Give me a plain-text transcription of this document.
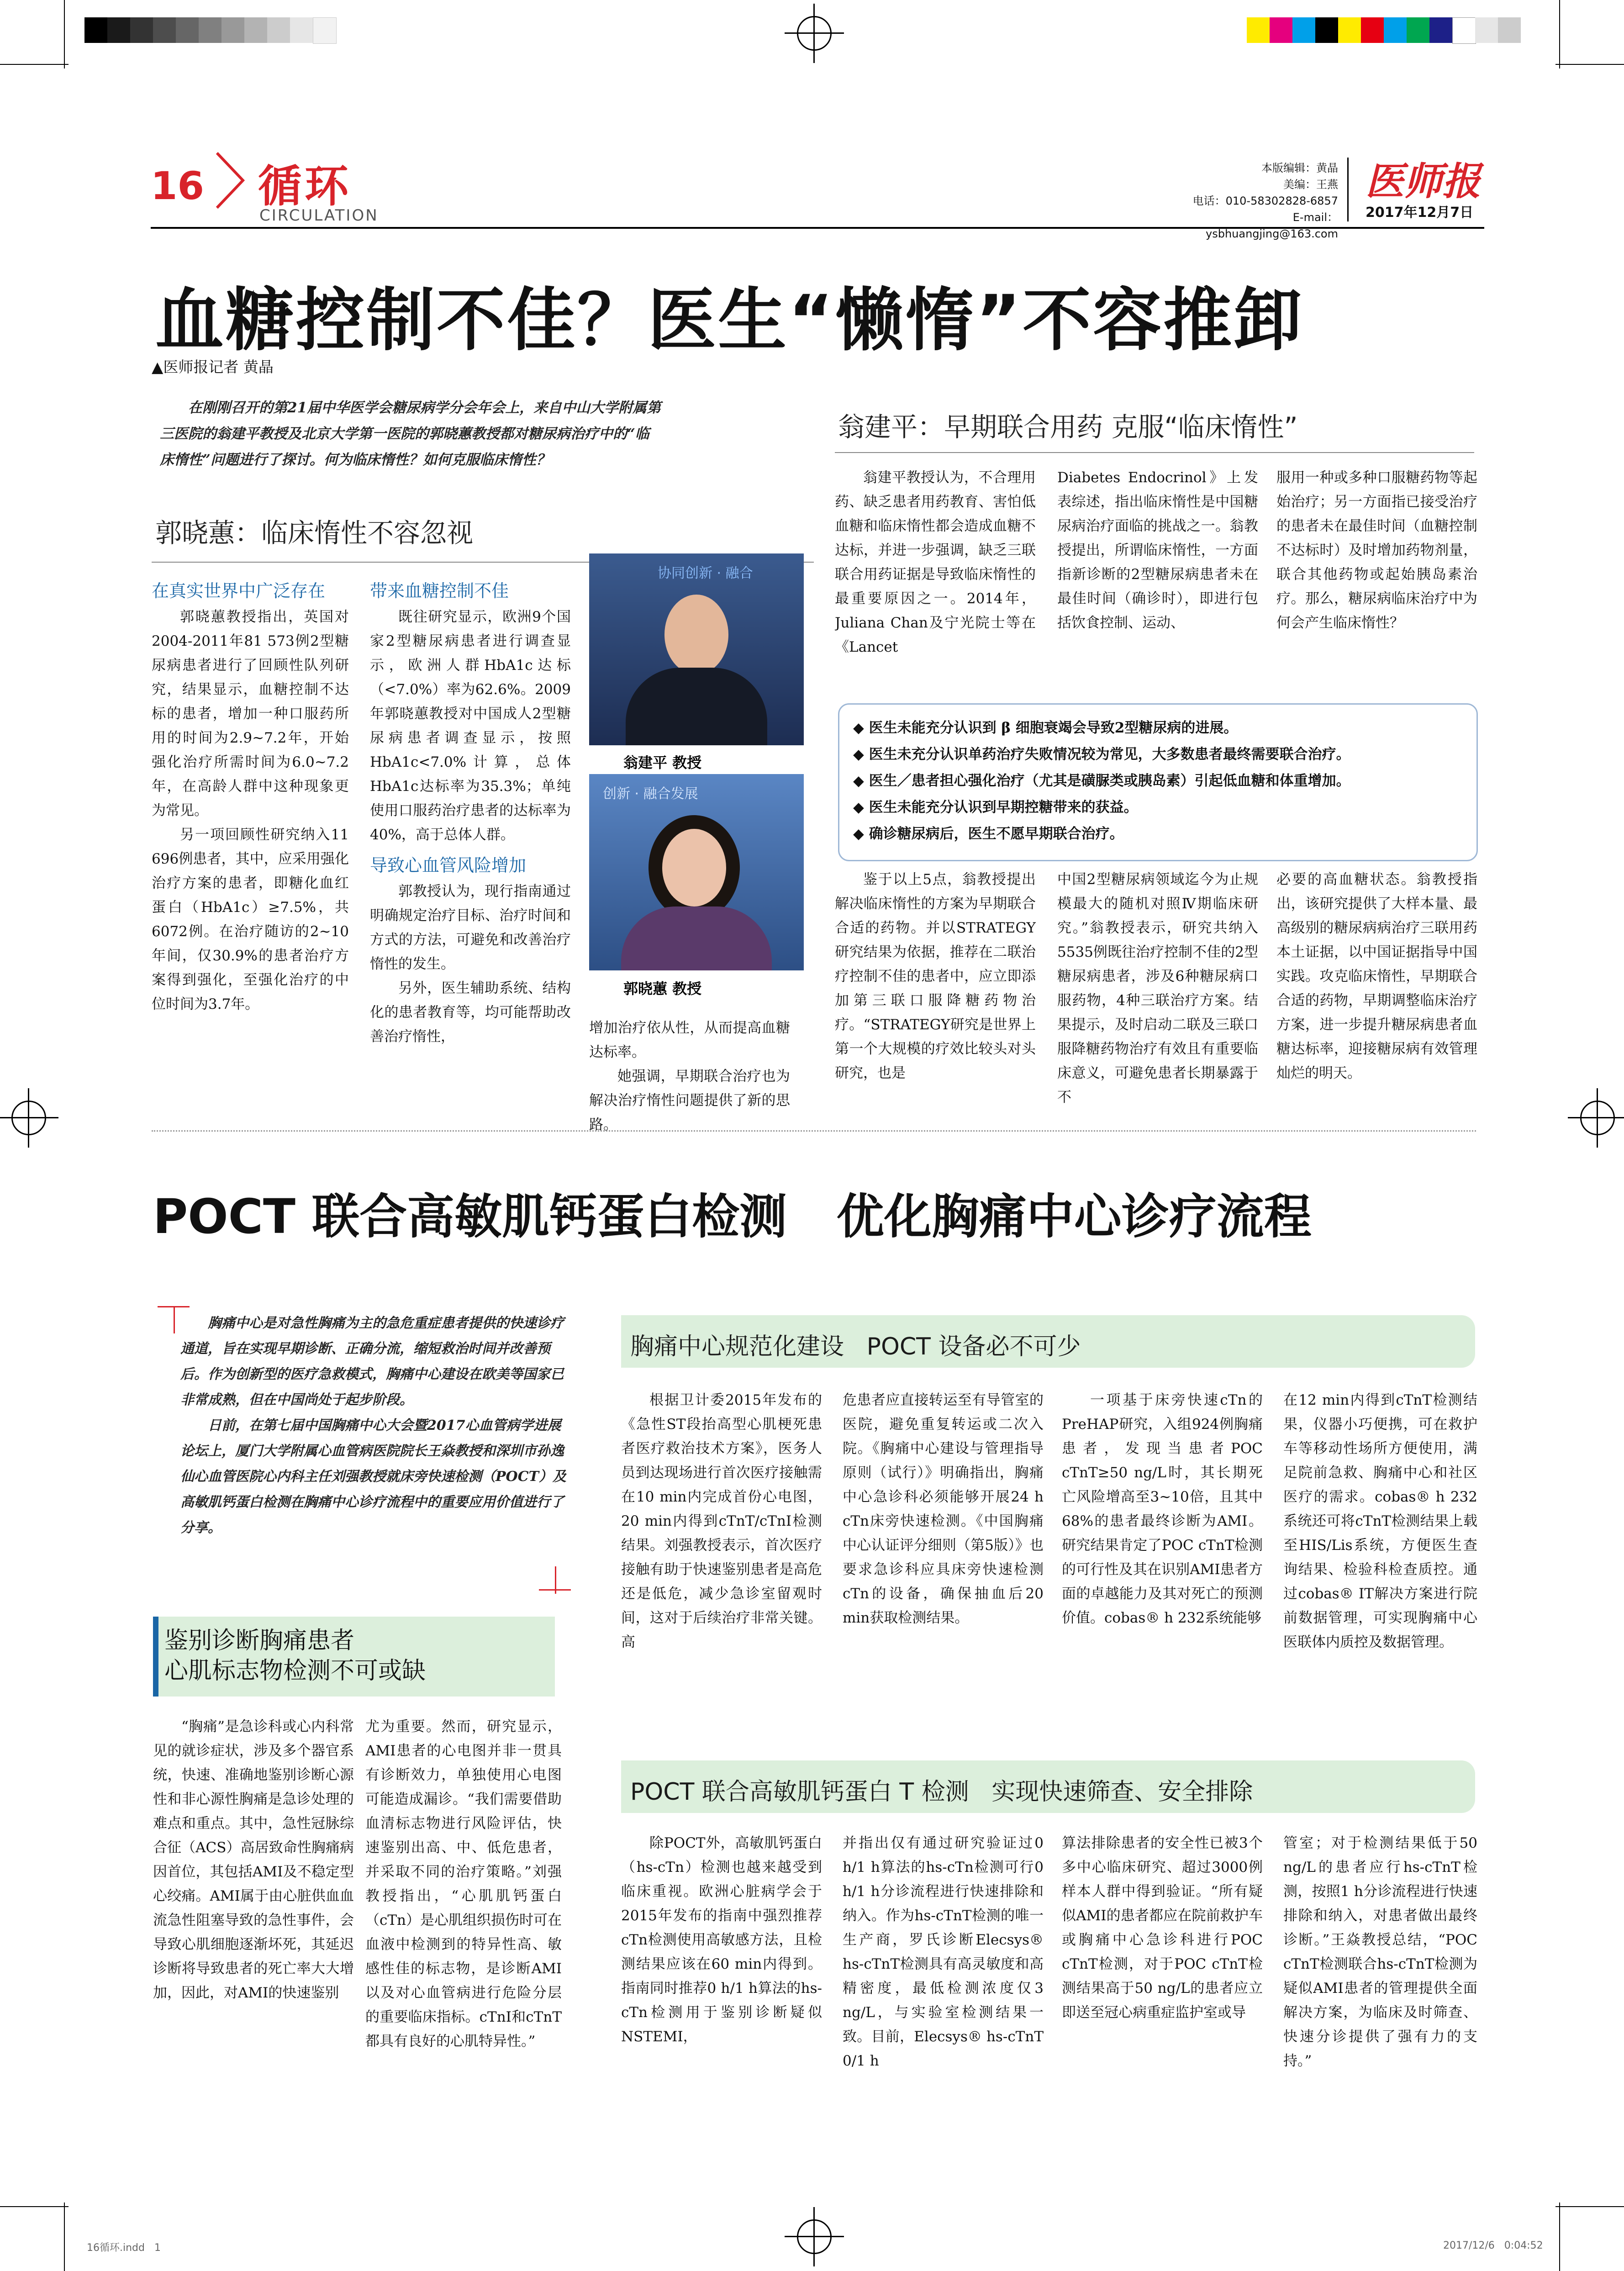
16 循环
CIRCULATION
本版编辑：黄晶
美编：王燕
电话：010-58302828-6857
E-mail：ysbhuangjing@163.com
医师报
2017年12月7日
血糖控制不佳？医生“懒惰”不容推卸
▲医师报记者 黄晶

在刚刚召开的第21届中华医学会糖尿病学分会年会上，来自中山大学附属第

三医院的翁建平教授及北京大学第一医院的郭晓蕙教授都对糖尿病治疗中的“临

床惰性”问题进行了探讨。何为临床惰性？如何克服临床惰性？

郭晓蕙：临床惰性不容忽视
在真实世界中广泛存在

郭晓蕙教授指出，英国对2004-2011年81 573例2型糖尿病患者进行了回顾性队列研究，结果显示，血糖控制不达标的患者，增加一种口服药所用的时间为2.9~7.2年，开始强化治疗所需时间为6.0~7.2年，在高龄人群中这种现象更为常见。

另一项回顾性研究纳入11 696例患者，其中，应采用强化治疗方案的患者，即糖化血红蛋白（HbA1c）≥7.5%，共6072例。在治疗随访的2~10年间，仅30.9%的患者治疗方案得到强化，至强化治疗的中位时间为3.7年。

带来血糖控制不佳

既往研究显示，欧洲9个国家2型糖尿病患者进行调查显示，欧洲人群HbA1c达标（<7.0%）率为62.6%。2009年郭晓蕙教授对中国成人2型糖尿病患者调查显示，按照HbA1c<7.0%计算，总体HbA1c达标率为35.3%；单纯使用口服药治疗患者的达标率为40%，高于总体人群。

导致心血管风险增加

郭教授认为，现行指南通过明确规定治疗目标、治疗时间和方式的方法，可避免和改善治疗惰性的发生。

另外，医生辅助系统、结构化的患者教育等，均可能帮助改善治疗惰性，

协同创新 · 融合
翁建平 教授
创新 · 融合发展
郭晓蕙 教授

增加治疗依从性，从而提高血糖达标率。

她强调，早期联合治疗也为解决治疗惰性问题提供了新的思路。

翁建平：早期联合用药 克服“临床惰性”

翁建平教授认为，不合理用药、缺乏患者用药教育、害怕低血糖和临床惰性都会造成血糖不达标，并进一步强调，缺乏三联联合用药证据是导致临床惰性的最重要原因之一。2014年，Juliana Chan及宁光院士等在《Lancet

Diabetes Endocrinol》上发表综述，指出临床惰性是中国糖尿病治疗面临的挑战之一。翁教授提出，所谓临床惰性，一方面指新诊断的2型糖尿病患者未在最佳时间（确诊时），即进行包括饮食控制、运动、

服用一种或多种口服糖药物等起始治疗；另一方面指已接受治疗的患者未在最佳时间（血糖控制不达标时）及时增加药物剂量，联合其他药物或起始胰岛素治疗。那么，糖尿病临床治疗中为何会产生临床惰性？

◆ 医生未能充分认识到 β 细胞衰竭会导致2型糖尿病的进展。
◆ 医生未充分认识单药治疗失败情况较为常见，大多数患者最终需要联合治疗。
◆ 医生／患者担心强化治疗（尤其是磺脲类或胰岛素）引起低血糖和体重增加。
◆ 医生未能充分认识到早期控糖带来的获益。
◆ 确诊糖尿病后，医生不愿早期联合治疗。

鉴于以上5点，翁教授提出解决临床惰性的方案为早期联合合适的药物。并以STRATEGY研究结果为依据，推荐在二联治疗控制不佳的患者中，应立即添加第三联口服降糖药物治疗。“STRATEGY研究是世界上第一个大规模的疗效比较头对头研究，也是

中国2型糖尿病领域迄今为止规模最大的随机对照Ⅳ期临床研究。”翁教授表示，研究共纳入5535例既往治疗控制不佳的2型糖尿病患者，涉及6种糖尿病口服药物，4种三联治疗方案。结果提示，及时启动二联及三联口服降糖药物治疗有效且有重要临床意义，可避免患者长期暴露于不

必要的高血糖状态。翁教授指出，该研究提供了大样本量、最高级别的糖尿病病治疗三联用药本土证据，以中国证据指导中国实践。攻克临床惰性，早期联合合适的药物，早期调整临床治疗方案，进一步提升糖尿病患者血糖达标率，迎接糖尿病有效管理灿烂的明天。

POCT 联合高敏肌钙蛋白检测   优化胸痛中心诊疗流程

胸痛中心是对急性胸痛为主的急危重症患者提供的快速诊疗通道，旨在实现早期诊断、正确分流，缩短救治时间并改善预后。作为创新型的医疗急救模式，胸痛中心建设在欧美等国家已非常成熟，但在中国尚处于起步阶段。

日前，在第七届中国胸痛中心大会暨2017心血管病学进展论坛上，厦门大学附属心血管病医院院长王焱教授和深圳市孙逸仙心血管医院心内科主任刘强教授就床旁快速检测（POCT）及高敏肌钙蛋白检测在胸痛中心诊疗流程中的重要应用价值进行了分享。

鉴别诊断胸痛患者
心肌标志物检测不可或缺

“胸痛”是急诊科或心内科常见的就诊症状，涉及多个器官系统，快速、准确地鉴别诊断心源性和非心源性胸痛是急诊处理的难点和重点。其中，急性冠脉综合征（ACS）高居致命性胸痛病因首位，其包括AMI及不稳定型心绞痛。AMI属于由心脏供血血流急性阻塞导致的急性事件，会导致心肌细胞逐渐坏死，其延迟诊断将导致患者的死亡率大大增加，因此，对AMI的快速鉴别

尤为重要。然而，研究显示，AMI患者的心电图并非一贯具有诊断效力，单独使用心电图可能造成漏诊。“我们需要借助血清标志物进行风险评估，快速鉴别出高、中、低危患者，并采取不同的治疗策略。”刘强教授指出，“心肌肌钙蛋白（cTn）是心肌组织损伤时可在血液中检测到的特异性高、敏感性佳的标志物，是诊断AMI以及对心血管病进行危险分层的重要临床指标。cTnI和cTnT都具有良好的心肌特异性。”

胸痛中心规范化建设   POCT 设备必不可少

根据卫计委2015年发布的《急性ST段抬高型心肌梗死患者医疗救治技术方案》，医务人员到达现场进行首次医疗接触需在10 min内完成首份心电图，20 min内得到cTnT/cTnI检测结果。刘强教授表示，首次医疗接触有助于快速鉴别患者是高危还是低危，减少急诊室留观时间，这对于后续治疗非常关键。高

危患者应直接转运至有导管室的医院，避免重复转运或二次入院。《胸痛中心建设与管理指导原则（试行）》明确指出，胸痛中心急诊科必须能够开展24 h cTn床旁快速检测。《中国胸痛中心认证评分细则（第5版）》也要求急诊科应具床旁快速检测cTn的设备，确保抽血后20 min获取检测结果。

一项基于床旁快速cTn的PreHAP研究，入组924例胸痛患者，发现当患者POC cTnT≥50 ng/L时，其长期死亡风险增高至3~10倍，且其中68%的患者最终诊断为AMI。研究结果肯定了POC cTnT检测的可行性及其在识别AMI患者方面的卓越能力及其对死亡的预测价值。cobas® h 232系统能够

在12 min内得到cTnT检测结果，仪器小巧便携，可在救护车等移动性场所方便使用，满足院前急救、胸痛中心和社区医疗的需求。cobas® h 232系统还可将cTnT检测结果上载至HIS/Lis系统，方便医生查询结果、检验科检查质控。通过cobas® IT解决方案进行院前数据管理，可实现胸痛中心医联体内质控及数据管理。

POCT 联合高敏肌钙蛋白 T 检测   实现快速筛查、安全排除

除POCT外，高敏肌钙蛋白（hs-cTn）检测也越来越受到临床重视。欧洲心脏病学会于2015年发布的指南中强烈推荐cTn检测使用高敏感方法，且检测结果应该在60 min内得到。指南同时推荐0 h/1 h算法的hs-cTn检测用于鉴别诊断疑似NSTEMI，

并指出仅有通过研究验证过0 h/1 h算法的hs-cTn检测可行0 h/1 h分诊流程进行快速排除和纳入。作为hs-cTnT检测的唯一生产商，罗氏诊断Elecsys® hs-cTnT检测具有高灵敏度和高精密度，最低检测浓度仅3 ng/L，与实验室检测结果一致。目前，Elecsys® hs-cTnT 0/1 h

算法排除患者的安全性已被3个多中心临床研究、超过3000例样本人群中得到验证。“所有疑似AMI的患者都应在院前救护车或胸痛中心急诊科进行POC cTnT检测，对于POC cTnT检测结果高于50 ng/L的患者应立即送至冠心病重症监护室或导

管室；对于检测结果低于50 ng/L的患者应行hs-cTnT检测，按照1 h分诊流程进行快速排除和纳入，对患者做出最终诊断。”王焱教授总结，“POC cTnT检测联合hs-cTnT检测为疑似AMI患者的管理提供全面解决方案，为临床及时筛查、快速分诊提供了强有力的支持。”

16循环.indd   1	2017/12/6   0:04:52
